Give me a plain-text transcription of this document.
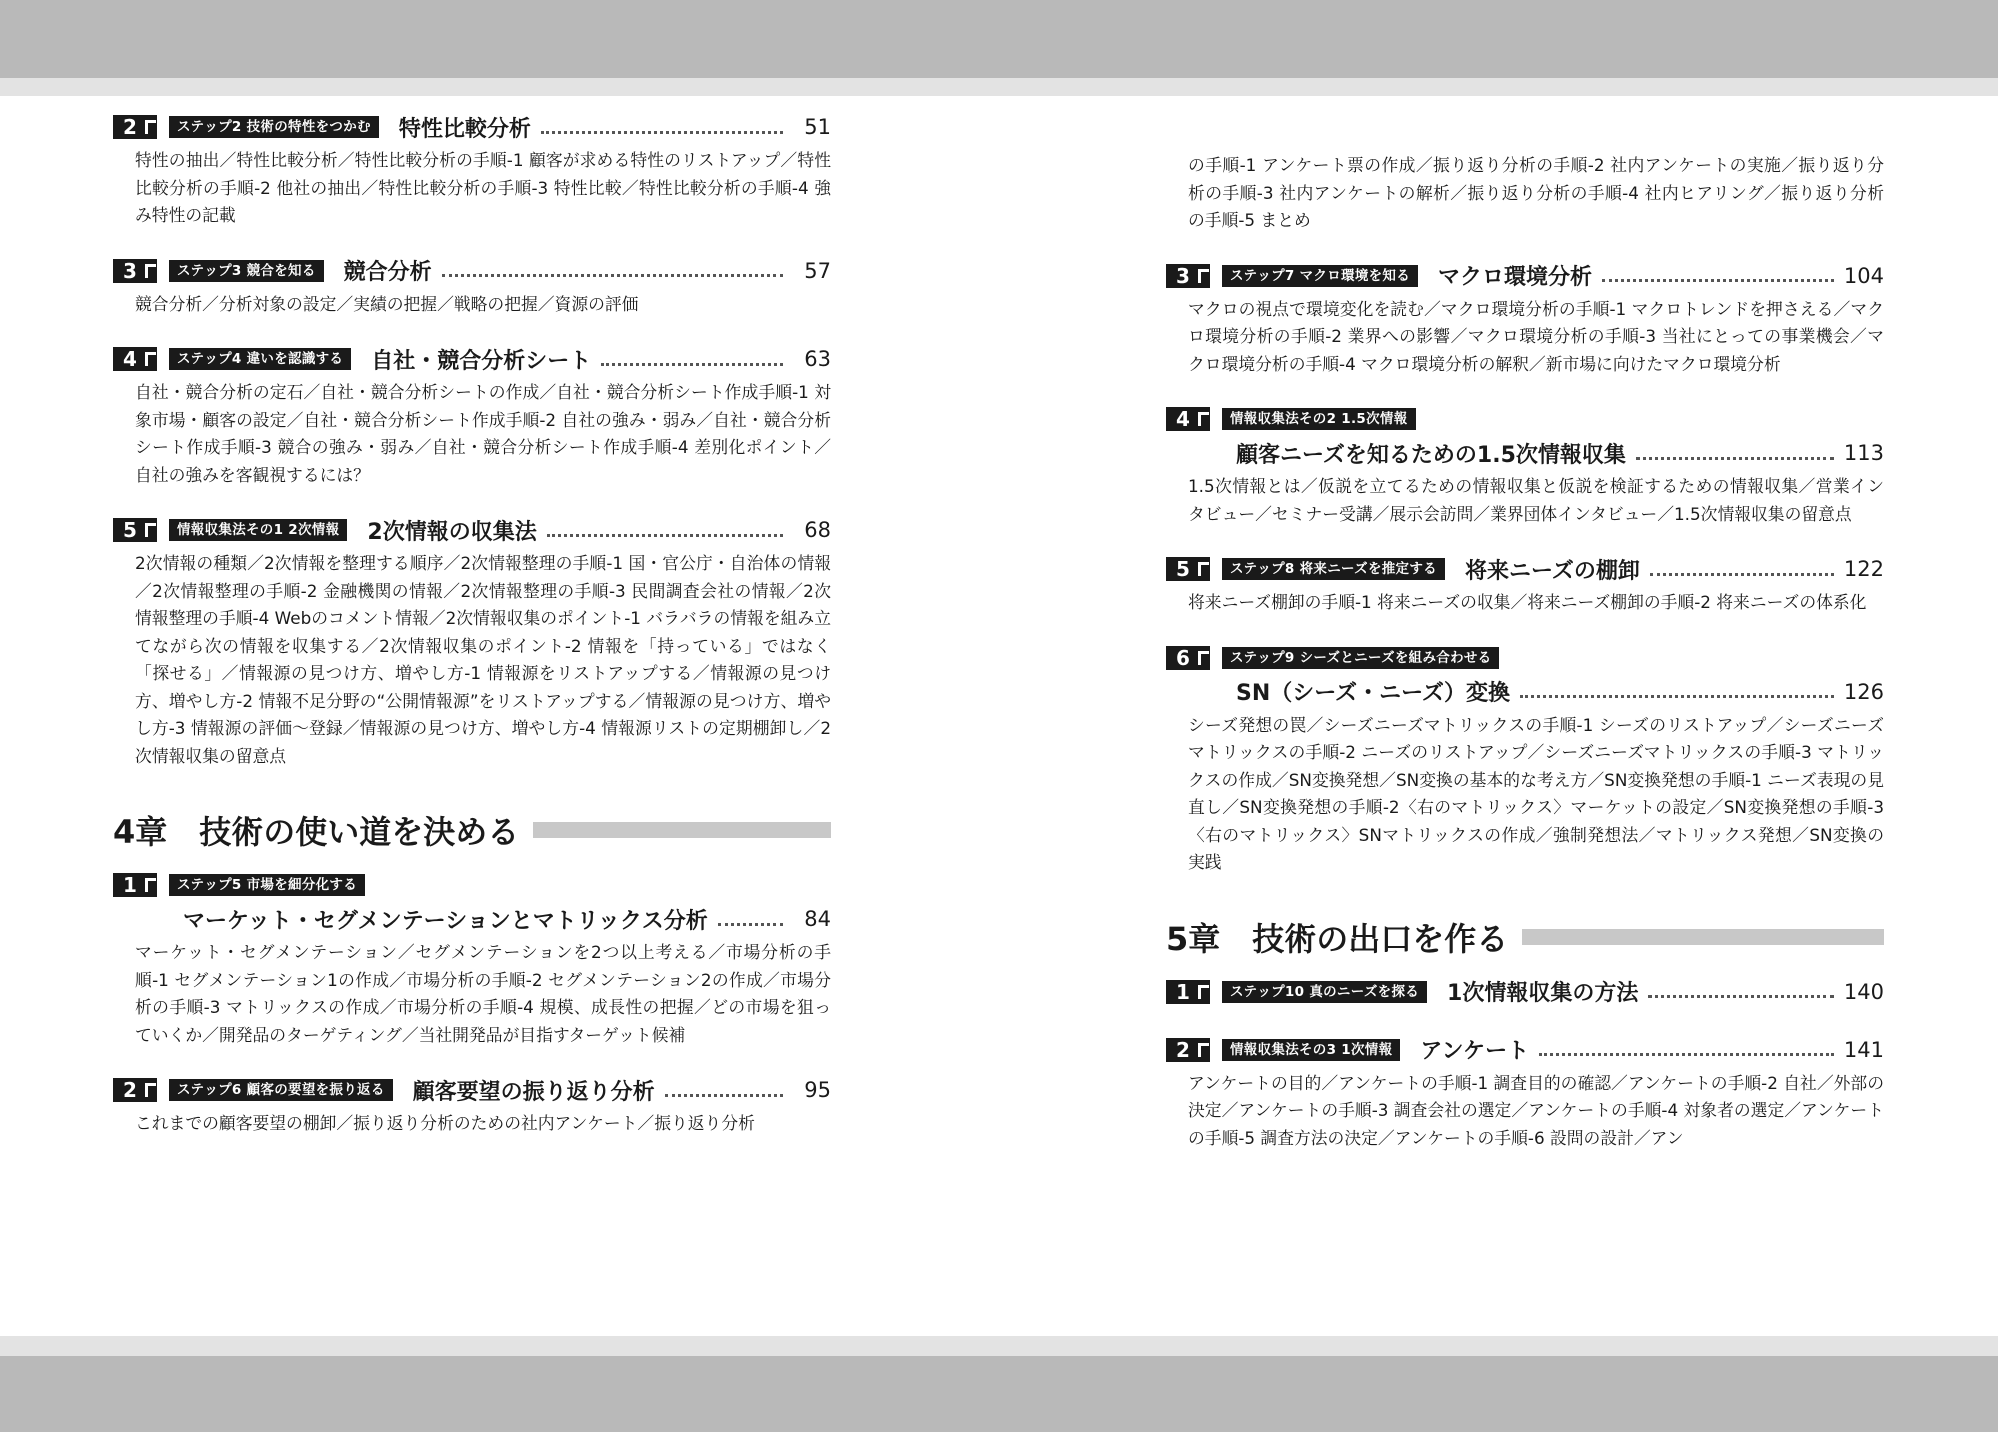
2	ステップ2 技術の特性をつかむ	特性比較分析	51
特性の抽出／特性比較分析／特性比較分析の手順-1 顧客が求める特性のリストアップ／特性比較分析の手順-2 他社の抽出／特性比較分析の手順-3 特性比較／特性比較分析の手順-4 強み特性の記載
3	ステップ3 競合を知る	競合分析	57
競合分析／分析対象の設定／実績の把握／戦略の把握／資源の評価
4	ステップ4 違いを認識する	自社・競合分析シート	63
自社・競合分析の定石／自社・競合分析シートの作成／自社・競合分析シート作成手順-1 対象市場・顧客の設定／自社・競合分析シート作成手順-2 自社の強み・弱み／自社・競合分析シート作成手順-3 競合の強み・弱み／自社・競合分析シート作成手順-4 差別化ポイント／自社の強みを客観視するには？
5	情報収集法その1 2次情報	2次情報の収集法	68
2次情報の種類／2次情報を整理する順序／2次情報整理の手順-1 国・官公庁・自治体の情報／2次情報整理の手順-2 金融機関の情報／2次情報整理の手順-3 民間調査会社の情報／2次情報整理の手順-4 Webのコメント情報／2次情報収集のポイント-1 バラバラの情報を組み立てながら次の情報を収集する／2次情報収集のポイント-2 情報を「持っている」ではなく「探せる」／情報源の見つけ方、増やし方-1 情報源をリストアップする／情報源の見つけ方、増やし方-2 情報不足分野の“公開情報源”をリストアップする／情報源の見つけ方、増やし方-3 情報源の評価〜登録／情報源の見つけ方、増やし方-4 情報源リストの定期棚卸し／2次情報収集の留意点
4章　技術の使い道を決める
1	ステップ5 市場を細分化する
マーケット・セグメンテーションとマトリックス分析	84
マーケット・セグメンテーション／セグメンテーションを2つ以上考える／市場分析の手順-1 セグメンテーション1の作成／市場分析の手順-2 セグメンテーション2の作成／市場分析の手順-3 マトリックスの作成／市場分析の手順-4 規模、成長性の把握／どの市場を狙っていくか／開発品のターゲティング／当社開発品が目指すターゲット候補
2	ステップ6 顧客の要望を振り返る	顧客要望の振り返り分析	95
これまでの顧客要望の棚卸／振り返り分析のための社内アンケート／振り返り分析
の手順-1 アンケート票の作成／振り返り分析の手順-2 社内アンケートの実施／振り返り分析の手順-3 社内アンケートの解析／振り返り分析の手順-4 社内ヒアリング／振り返り分析の手順-5 まとめ
3	ステップ7 マクロ環境を知る	マクロ環境分析	104
マクロの視点で環境変化を読む／マクロ環境分析の手順-1 マクロトレンドを押さえる／マクロ環境分析の手順-2 業界への影響／マクロ環境分析の手順-3 当社にとっての事業機会／マクロ環境分析の手順-4 マクロ環境分析の解釈／新市場に向けたマクロ環境分析
4	情報収集法その2 1.5次情報
顧客ニーズを知るための1.5次情報収集	113
1.5次情報とは／仮説を立てるための情報収集と仮説を検証するための情報収集／営業インタビュー／セミナー受講／展示会訪問／業界団体インタビュー／1.5次情報収集の留意点
5	ステップ8 将来ニーズを推定する	将来ニーズの棚卸	122
将来ニーズ棚卸の手順-1 将来ニーズの収集／将来ニーズ棚卸の手順-2 将来ニーズの体系化
6	ステップ9 シーズとニーズを組み合わせる
SN（シーズ・ニーズ）変換	126
シーズ発想の罠／シーズニーズマトリックスの手順-1 シーズのリストアップ／シーズニーズマトリックスの手順-2 ニーズのリストアップ／シーズニーズマトリックスの手順-3 マトリックスの作成／SN変換発想／SN変換の基本的な考え方／SN変換発想の手順-1 ニーズ表現の見直し／SN変換発想の手順-2〈右のマトリックス〉マーケットの設定／SN変換発想の手順-3〈右のマトリックス〉SNマトリックスの作成／強制発想法／マトリックス発想／SN変換の実践
5章　技術の出口を作る
1	ステップ10 真のニーズを探る	1次情報収集の方法	140
2	情報収集法その3 1次情報	アンケート	141
アンケートの目的／アンケートの手順-1 調査目的の確認／アンケートの手順-2 自社／外部の決定／アンケートの手順-3 調査会社の選定／アンケートの手順-4 対象者の選定／アンケートの手順-5 調査方法の決定／アンケートの手順-6 設問の設計／アン
